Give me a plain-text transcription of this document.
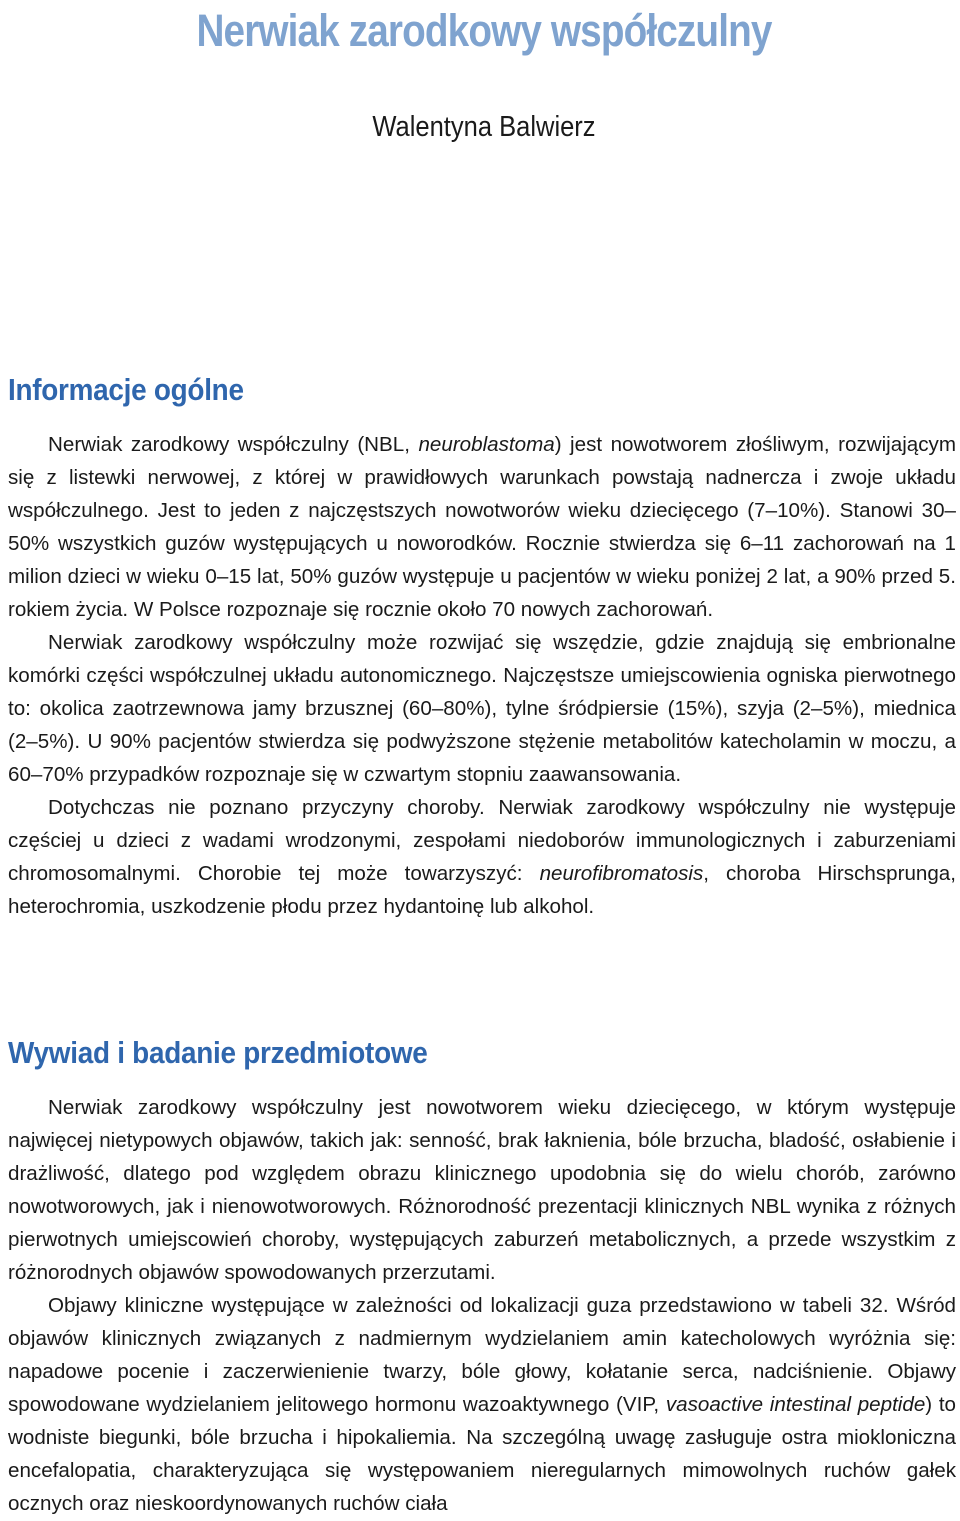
Nerwiak zarodkowy współczulny
Walentyna Balwierz
Informacje ogólne

Nerwiak zarodkowy współczulny (NBL, neuroblastoma) jest nowotworem złośliwym, rozwijającym się z listewki nerwowej, z której w prawidłowych warunkach powstają nadnercza i zwoje układu współczulnego. Jest to jeden z najczęstszych nowotworów wieku dziecięcego (7–10%). Stanowi 30–50% wszystkich guzów występujących u noworodków. Rocznie stwierdza się 6–11 zachorowań na 1 milion dzieci w wieku 0–15 lat, 50% guzów występuje u pacjentów w wieku poniżej 2 lat, a 90% przed 5. rokiem życia. W Polsce rozpoznaje się rocznie około 70 nowych zachorowań.

Nerwiak zarodkowy współczulny może rozwijać się wszędzie, gdzie znajdują się embrionalne komórki części współczulnej układu autonomicznego. Najczęstsze umiejscowienia ogniska pierwotnego to: okolica zaotrzewnowa jamy brzusznej (60–80%), tylne śródpiersie (15%), szyja (2–5%), miednica (2–5%). U 90% pacjentów stwierdza się podwyższone stężenie metabolitów katecholamin w moczu, a 60–70% przypadków rozpoznaje się w czwartym stopniu zaawansowania.

Dotychczas nie poznano przyczyny choroby. Nerwiak zarodkowy współczulny nie występuje częściej u dzieci z wadami wrodzonymi, zespołami niedoborów immunologicznych i zaburzeniami chromosomalnymi. Chorobie tej może towarzyszyć: neurofibromatosis, choroba Hirschsprunga, heterochromia, uszkodzenie płodu przez hydantoinę lub alkohol.

Wywiad i badanie przedmiotowe

Nerwiak zarodkowy współczulny jest nowotworem wieku dziecięcego, w którym występuje najwięcej nietypowych objawów, takich jak: senność, brak łaknienia, bóle brzucha, bladość, osłabienie i drażliwość, dlatego pod względem obrazu klinicznego upodobnia się do wielu chorób, zarówno nowotworowych, jak i nienowotworowych. Różnorodność prezentacji klinicznych NBL wynika z różnych pierwotnych umiejscowień choroby, występujących zaburzeń metabolicznych, a przede wszystkim z różnorodnych objawów spowodowanych przerzutami.

Objawy kliniczne występujące w zależności od lokalizacji guza przedstawiono w tabeli 32. Wśród objawów klinicznych związanych z nadmiernym wydzielaniem amin katecholowych wyróżnia się: napadowe pocenie i zaczerwienienie twarzy, bóle głowy, kołatanie serca, nadciśnienie. Objawy spowodowane wydzielaniem jelitowego hormonu wazoaktywnego (VIP, vasoactive intestinal peptide) to wodniste biegunki, bóle brzucha i hipokaliemia. Na szczególną uwagę zasługuje ostra miokloniczna encefalopatia, charakteryzująca się występowaniem nieregularnych mimowolnych ruchów gałek ocznych oraz nieskoordynowanych ruchów ciała
